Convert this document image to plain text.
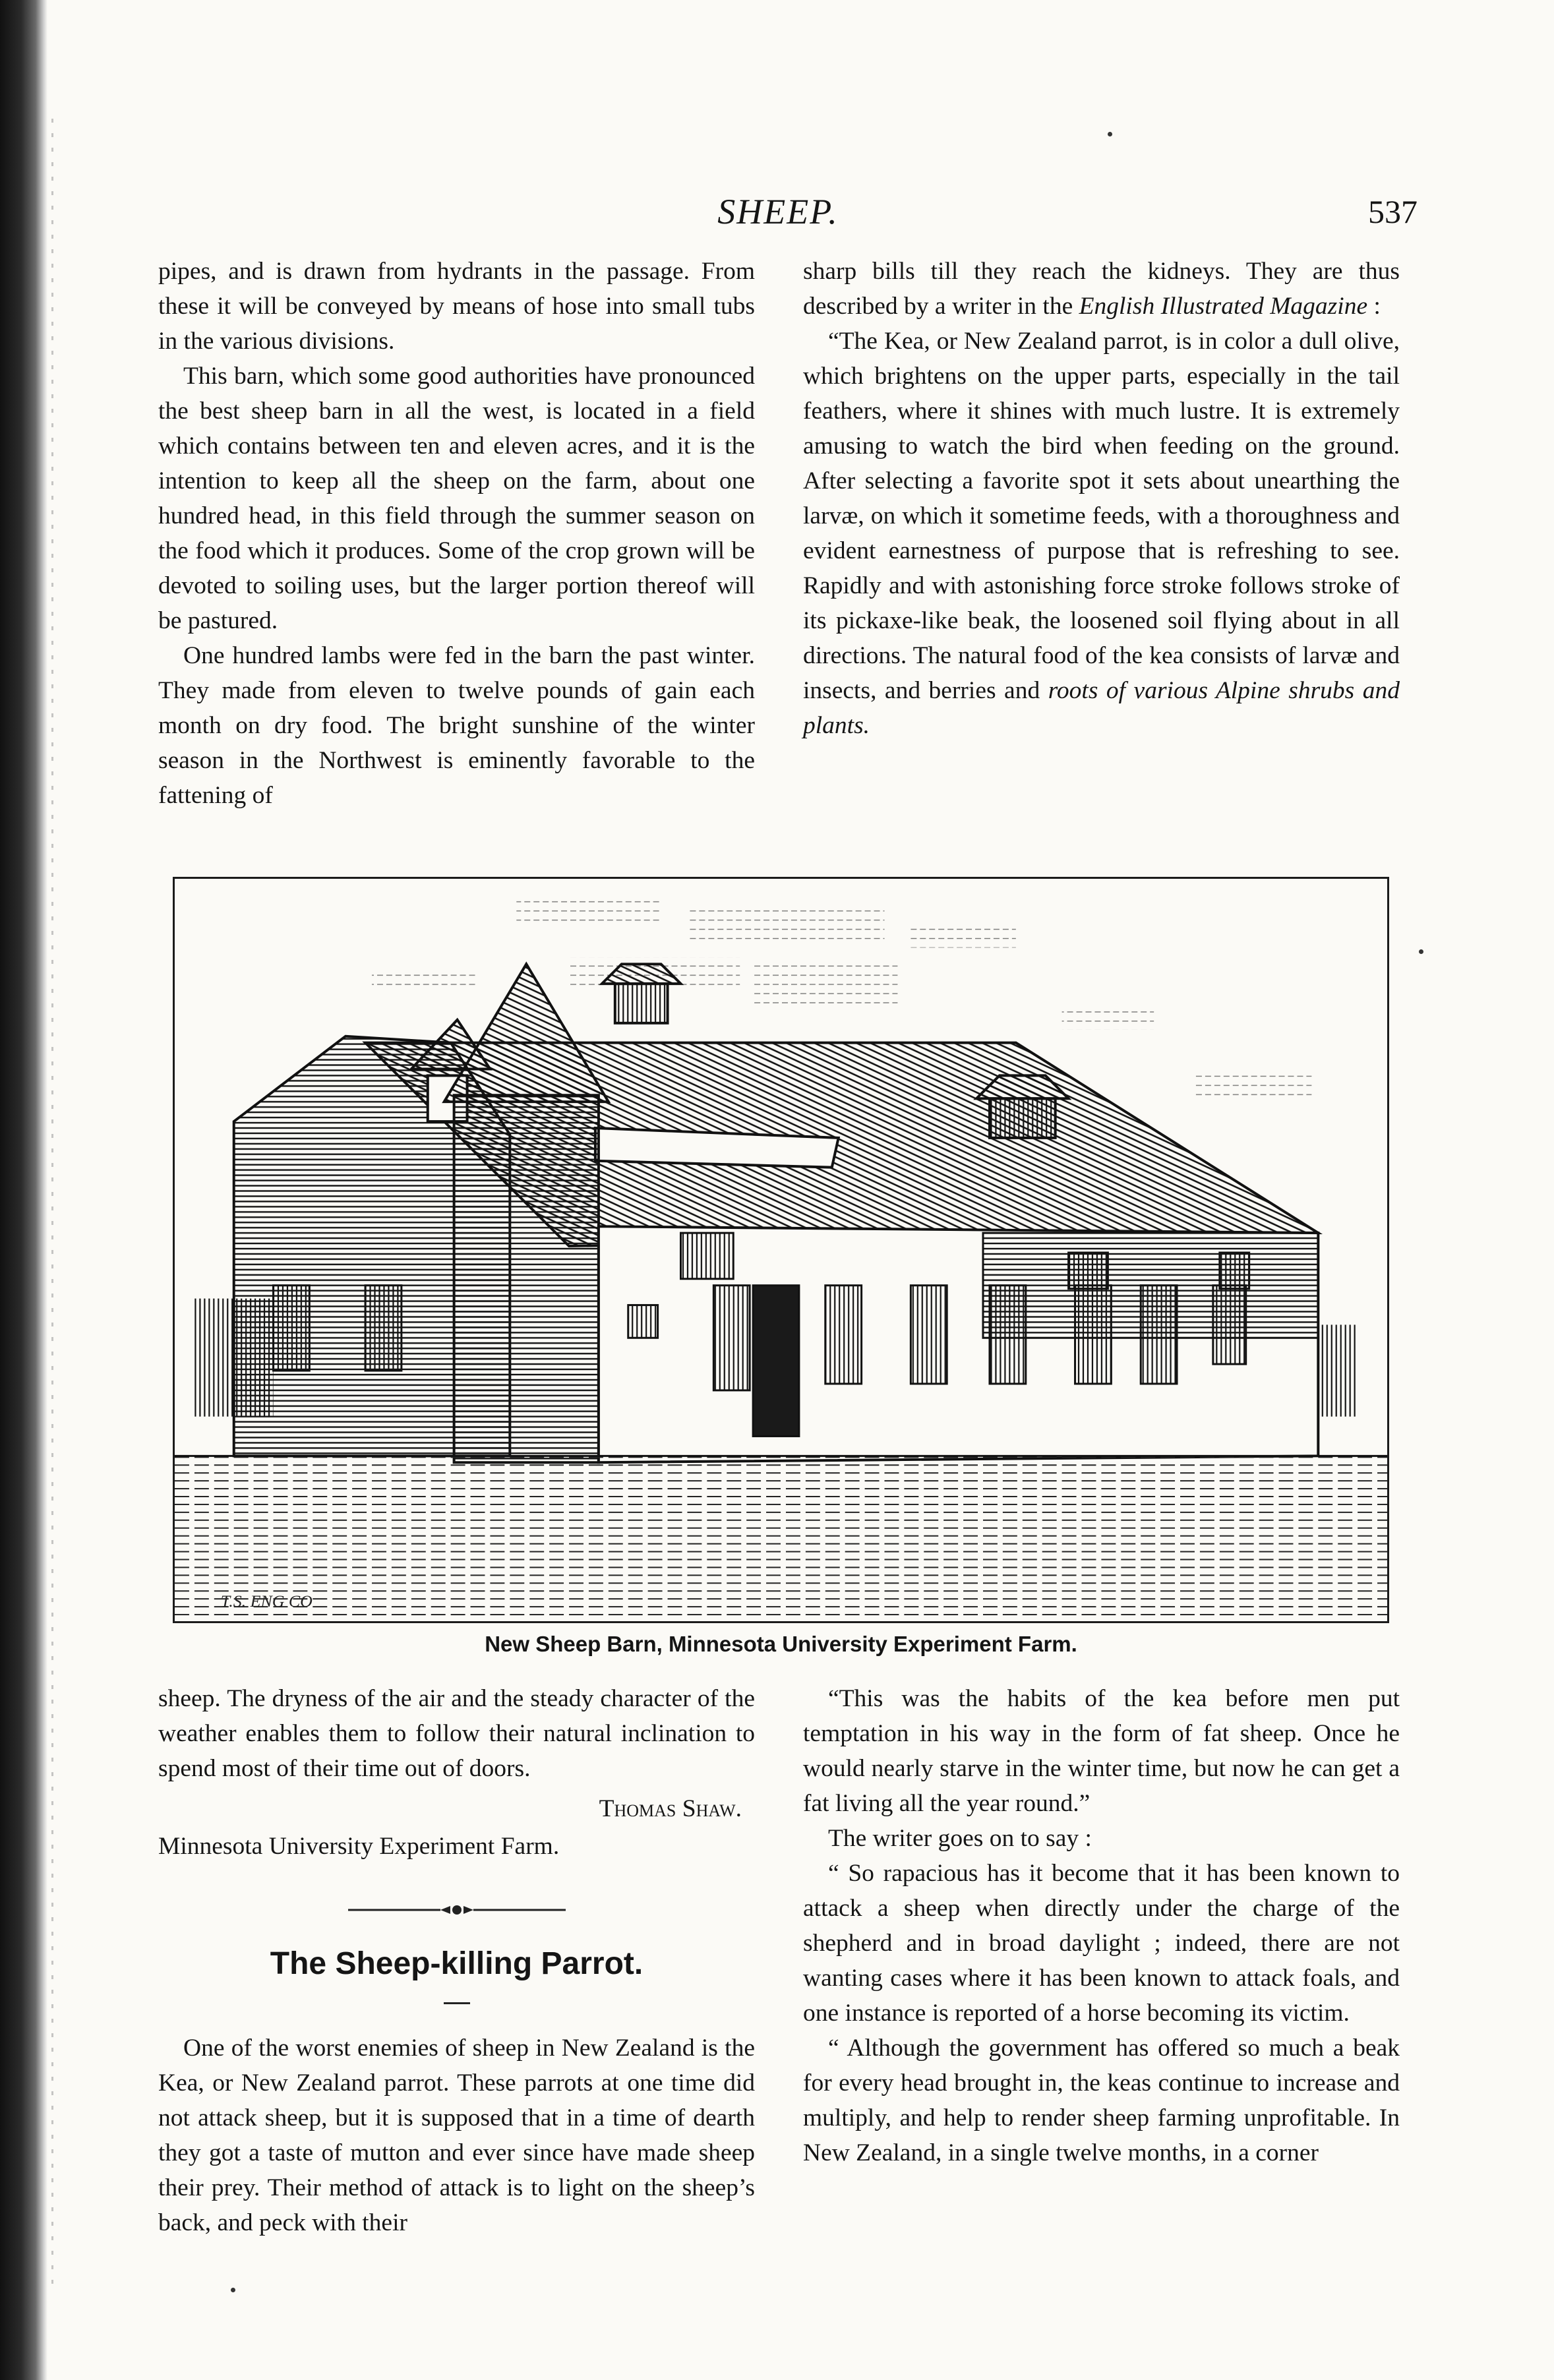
SHEEP.	537

pipes, and is drawn from hydrants in the passage. From these it will be conveyed by means of hose into small tubs in the various divisions.

This barn, which some good authorities have pronounced the best sheep barn in all the west, is located in a field which contains between ten and eleven acres, and it is the intention to keep all the sheep on the farm, about one hundred head, in this field through the summer season on the food which it produces. Some of the crop grown will be devoted to soiling uses, but the larger portion thereof will be pastured.

One hundred lambs were fed in the barn the past winter. They made from eleven to twelve pounds of gain each month on dry food. The bright sunshine of the winter season in the Northwest is eminently favorable to the fattening of

sharp bills till they reach the kidneys. They are thus described by a writer in the English Illustrated Magazine :

“The Kea, or New Zealand parrot, is in color a dull olive, which brightens on the upper parts, especially in the tail feathers, where it shines with much lustre. It is extremely amusing to watch the bird when feeding on the ground. After selecting a favorite spot it sets about unearthing the larvæ, on which it sometime feeds, with a thoroughness and evident earnestness of purpose that is refreshing to see. Rapidly and with astonishing force stroke follows stroke of its pickaxe-like beak, the loosened soil flying about in all directions. The natural food of the kea consists of larvæ and insects, and berries and roots of various Alpine shrubs and plants.

T.S. ENG CO
New Sheep Barn, Minnesota University Experiment Farm.

sheep. The dryness of the air and the steady character of the weather enables them to follow their natural inclination to spend most of their time out of doors.

Thomas Shaw.

Minnesota University Experiment Farm.

The Sheep-killing Parrot.

One of the worst enemies of sheep in New Zealand is the Kea, or New Zealand parrot. These parrots at one time did not attack sheep, but it is supposed that in a time of dearth they got a taste of mutton and ever since have made sheep their prey. Their method of attack is to light on the sheep’s back, and peck with their

“This was the habits of the kea before men put temptation in his way in the form of fat sheep. Once he would nearly starve in the winter time, but now he can get a fat living all the year round.”

The writer goes on to say :

“ So rapacious has it become that it has been known to attack a sheep when directly under the charge of the shepherd and in broad daylight ; indeed, there are not wanting cases where it has been known to attack foals, and one instance is reported of a horse becoming its victim.

“ Although the government has offered so much a beak for every head brought in, the keas continue to increase and multiply, and help to render sheep farming unprofitable. In New Zealand, in a single twelve months, in a corner
